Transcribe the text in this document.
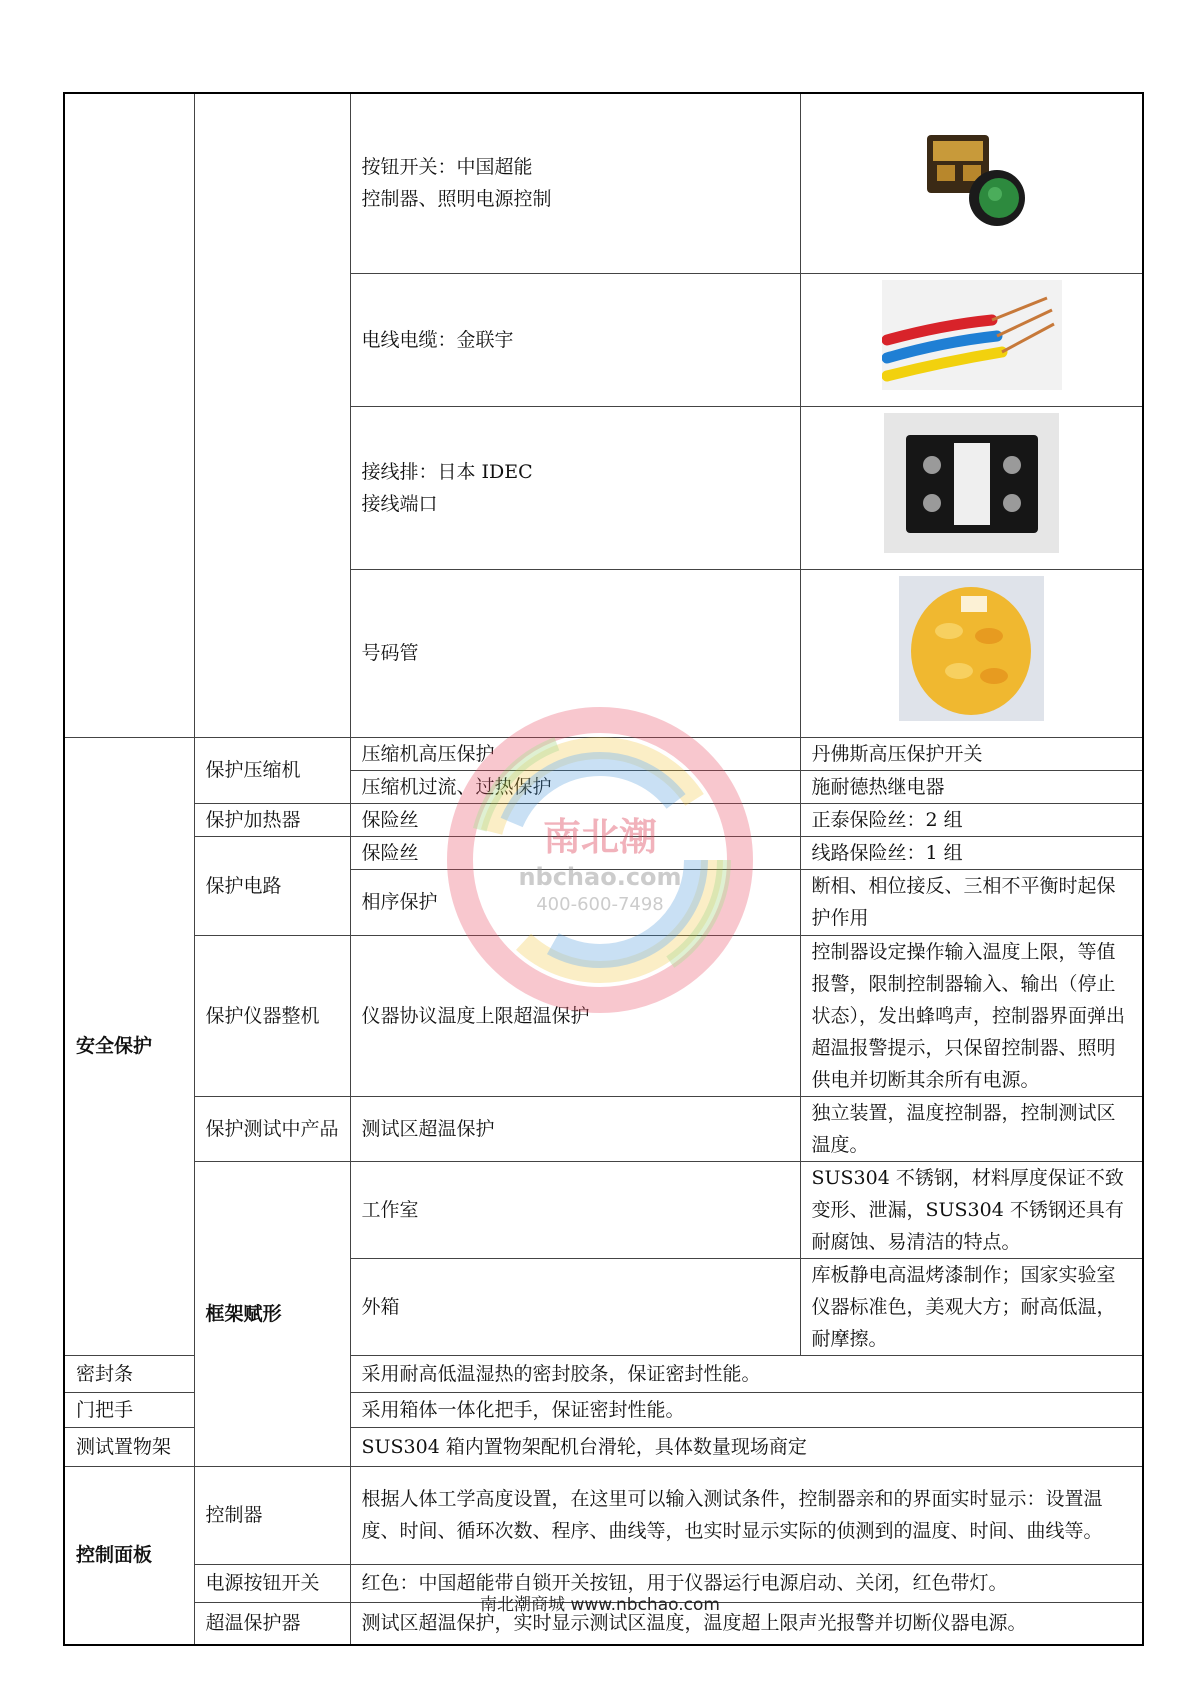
		按钮开关：中国超能
控制器、照明电源控制	
		电线电缆：金联宇	
		接线排：日本 IDEC
接线端口	
		号码管	
安全保护	保护压缩机	压缩机高压保护	丹佛斯高压保护开关
		压缩机过流、过热保护	施耐德热继电器
	保护加热器	保险丝	正泰保险丝：2 组
	保护电路	保险丝	线路保险丝：1 组
		相序保护	断相、相位接反、三相不平衡时起保护作用
	保护仪器整机	仪器协议温度上限超温保护	控制器设定操作输入温度上限，等值报警，限制控制器输入、输出（停止状态），发出蜂鸣声，控制器界面弹出超温报警提示，只保留控制器、照明供电并切断其余所有电源。
	保护测试中产品	测试区超温保护	独立装置，温度控制器，控制测试区温度。
	框架赋形	工作室	SUS304 不锈钢，材料厚度保证不致变形、泄漏，SUS304 不锈钢还具有耐腐蚀、易清洁的特点。
		外箱	库板静电高温烤漆制作；国家实验室仪器标准色，美观大方；耐高低温，耐摩擦。
密封条		采用耐高低温湿热的密封胶条，保证密封性能。	
门把手		采用箱体一体化把手，保证密封性能。	
测试置物架		SUS304 箱内置物架配机台滑轮，具体数量现场商定	
控制面板	控制器	根据人体工学高度设置，在这里可以输入测试条件，控制器亲和的界面实时显示：设置温度、时间、循环次数、程序、曲线等，也实时显示实际的侦测到的温度、时间、曲线等。	
	电源按钮开关	红色：中国超能带自锁开关按钮，用于仪器运行电源启动、关闭，红色带灯。	
	超温保护器	测试区超温保护，实时显示测试区温度，温度超上限声光报警并切断仪器电源。	
南北潮
nbchao.com
400-600-7498
南北潮商城 www.nbchao.com
